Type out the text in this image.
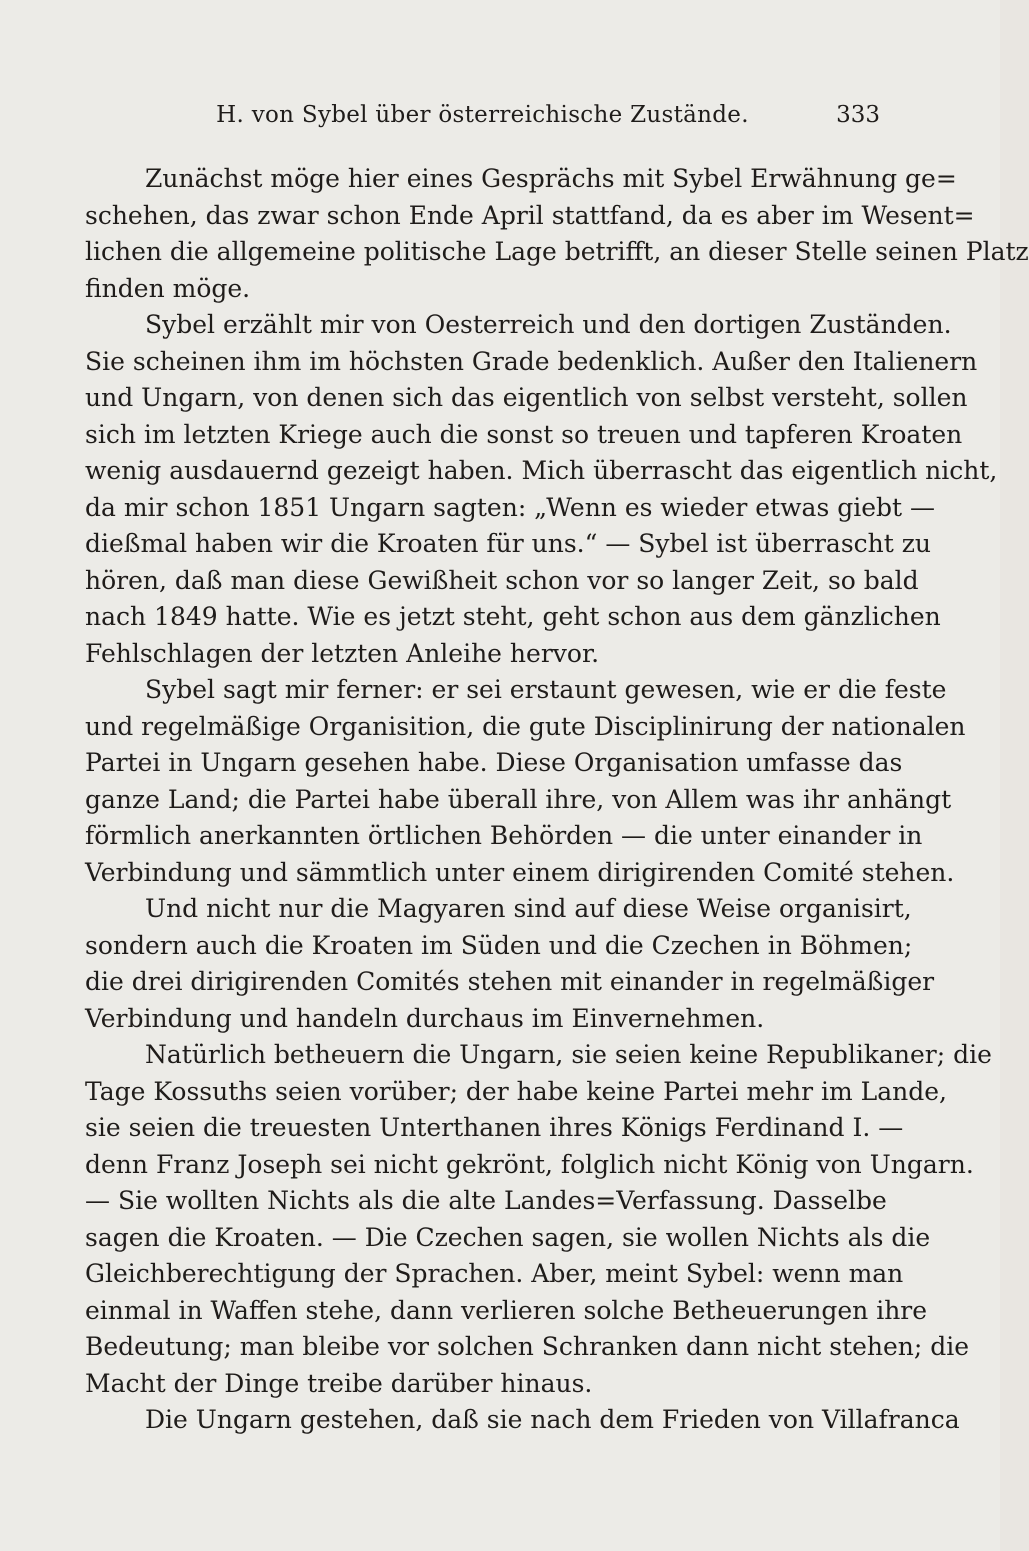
H. von Sybel über österreichische Zustände.	333
Zunächst möge hier eines Gesprächs mit Sybel Erwähnung ge=
schehen, das zwar schon Ende April stattfand, da es aber im Wesent=
lichen die allgemeine politische Lage betrifft, an dieser Stelle seinen Platz
finden möge.
Sybel erzählt mir von Oesterreich und den dortigen Zuständen.
Sie scheinen ihm im höchsten Grade bedenklich. Außer den Italienern
und Ungarn, von denen sich das eigentlich von selbst versteht, sollen
sich im letzten Kriege auch die sonst so treuen und tapferen Kroaten
wenig ausdauernd gezeigt haben. Mich überrascht das eigentlich nicht,
da mir schon 1851 Ungarn sagten: „Wenn es wieder etwas giebt —
dießmal haben wir die Kroaten für uns.“ — Sybel ist überrascht zu
hören, daß man diese Gewißheit schon vor so langer Zeit, so bald
nach 1849 hatte. Wie es jetzt steht, geht schon aus dem gänzlichen
Fehlschlagen der letzten Anleihe hervor.
Sybel sagt mir ferner: er sei erstaunt gewesen, wie er die feste
und regelmäßige Organisition, die gute Disciplinirung der nationalen
Partei in Ungarn gesehen habe. Diese Organisation umfasse das
ganze Land; die Partei habe überall ihre, von Allem was ihr anhängt
förmlich anerkannten örtlichen Behörden — die unter einander in
Verbindung und sämmtlich unter einem dirigirenden Comité stehen.
Und nicht nur die Magyaren sind auf diese Weise organisirt,
sondern auch die Kroaten im Süden und die Czechen in Böhmen;
die drei dirigirenden Comités stehen mit einander in regelmäßiger
Verbindung und handeln durchaus im Einvernehmen.
Natürlich betheuern die Ungarn, sie seien keine Republikaner; die
Tage Kossuths seien vorüber; der habe keine Partei mehr im Lande,
sie seien die treuesten Unterthanen ihres Königs Ferdinand I. —
denn Franz Joseph sei nicht gekrönt, folglich nicht König von Ungarn.
— Sie wollten Nichts als die alte Landes=Verfassung. Dasselbe
sagen die Kroaten. — Die Czechen sagen, sie wollen Nichts als die
Gleichberechtigung der Sprachen. Aber, meint Sybel: wenn man
einmal in Waffen stehe, dann verlieren solche Betheuerungen ihre
Bedeutung; man bleibe vor solchen Schranken dann nicht stehen; die
Macht der Dinge treibe darüber hinaus.
Die Ungarn gestehen, daß sie nach dem Frieden von Villafranca
